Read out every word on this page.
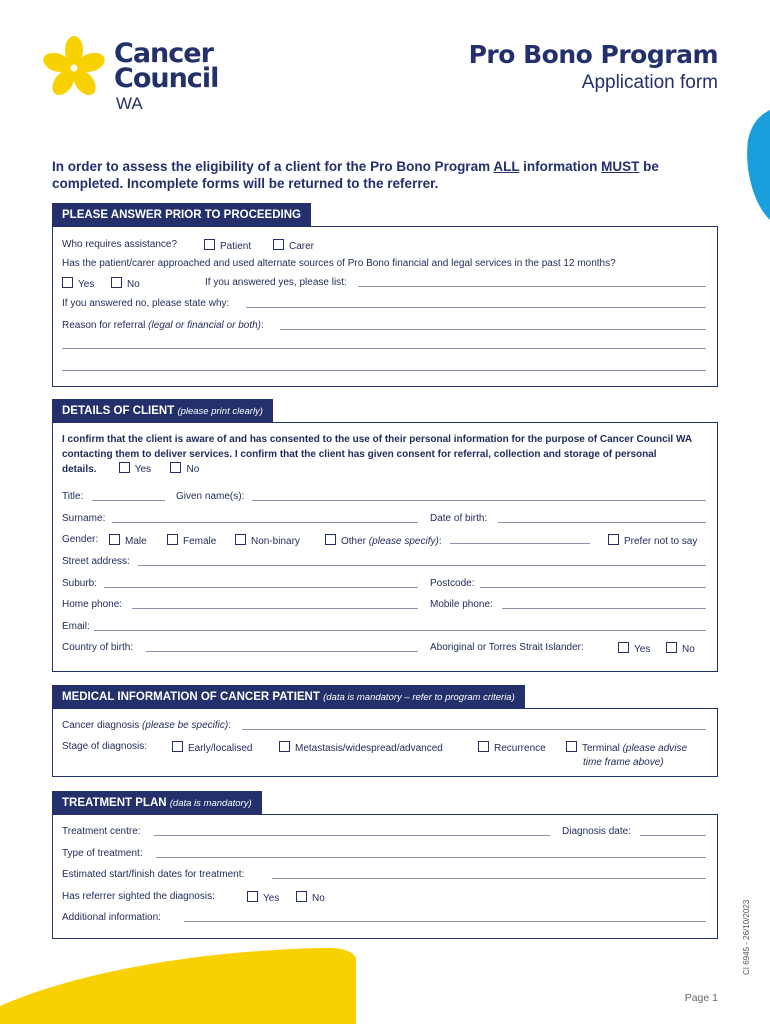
Cancer
Council
WA
Pro Bono Program
Application form
In order to assess the eligibility of a client for the Pro Bono Program ALL information MUST be completed. Incomplete forms will be returned to the referrer.
PLEASE ANSWER PRIOR TO PROCEEDING
Who requires assistance?	Patient	Carer
Has the patient/carer approached and used alternate sources of Pro Bono financial and legal services in the past 12 months?
Yes	No	If you answered yes, please list:
If you answered no, please state why:
Reason for referral (legal or financial or both):
DETAILS OF CLIENT (please print clearly)
I confirm that the client is aware of and has consented to the use of their personal information for the purpose of Cancer Council WA contacting them to deliver services. I confirm that the client has given consent for referral, collection and storage of personal details.	Yes	No
Title:	Given name(s):
Surname:	Date of birth:
Gender:	Male	Female	Non-binary	Other (please specify):	Prefer not to say
Street address:
Suburb:	Postcode:
Home phone:	Mobile phone:
Email:
Country of birth:	Aboriginal or Torres Strait Islander:	Yes	No
MEDICAL INFORMATION OF CANCER PATIENT (data is mandatory – refer to program criteria)
Cancer diagnosis (please be specific):
Stage of diagnosis:	Early/localised	Metastasis/widespread/advanced	Recurrence	Terminal (please advise
time frame above)
TREATMENT PLAN (data is mandatory)
Treatment centre:	Diagnosis date:
Type of treatment:
Estimated start/finish dates for treatment:
Has referrer sighted the diagnosis:	Yes	No
Additional information:	CI 6945 - 26/10/2023
Page 1
